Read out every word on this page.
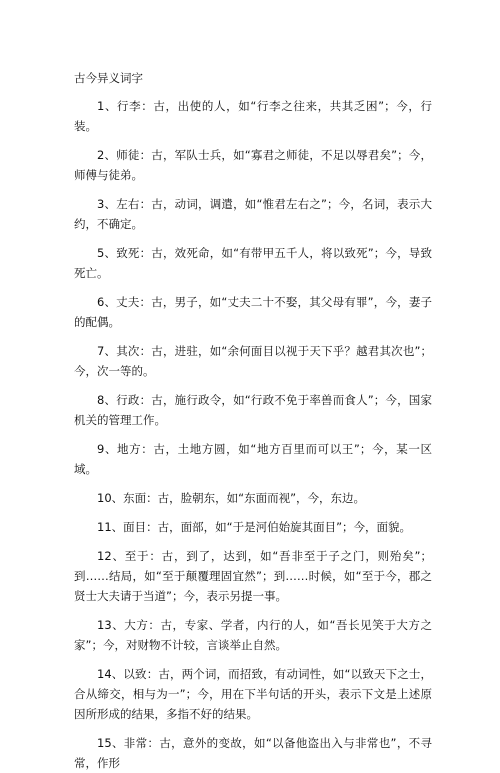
古今异义词字

1、行李：古，出使的人，如“行李之往来，共其乏困”；今，行装。

2、师徒：古，军队士兵，如“寡君之师徒，不足以辱君矣”；今，师傅与徒弟。

3、左右：古，动词，调遣，如“惟君左右之”；今，名词，表示大约，不确定。

5、致死：古，效死命，如“有带甲五千人，将以致死”；今，导致死亡。

6、丈夫：古，男子，如“丈夫二十不娶，其父母有罪”，今，妻子的配偶。

7、其次：古，进驻，如“余何面目以视于天下乎？越君其次也”；今，次一等的。

8、行政：古，施行政令，如“行政不免于率兽而食人”；今，国家机关的管理工作。

9、地方：古，土地方圆，如“地方百里而可以王”；今，某一区域。

10、东面：古，脸朝东，如“东面而视”，今，东边。

11、面目：古，面部，如“于是河伯始旋其面目”；今，面貌。

12、至于：古，到了，达到，如“吾非至于子之门，则殆矣”；到……结局，如“至于颠覆理固宜然”；到……时候，如“至于今，郡之贤士大夫请于当道”；今，表示另提一事。

13、大方：古，专家、学者，内行的人，如“吾长见笑于大方之家”；今，对财物不计较，言谈举止自然。

14、以致：古，两个词，而招致，有动词性，如“以致天下之士，合从缔交，相与为一”；今，用在下半句话的开头，表示下文是上述原因所形成的结果，多指不好的结果。

15、非常：古，意外的变故，如“以备他盗出入与非常也”，不寻常，作形
